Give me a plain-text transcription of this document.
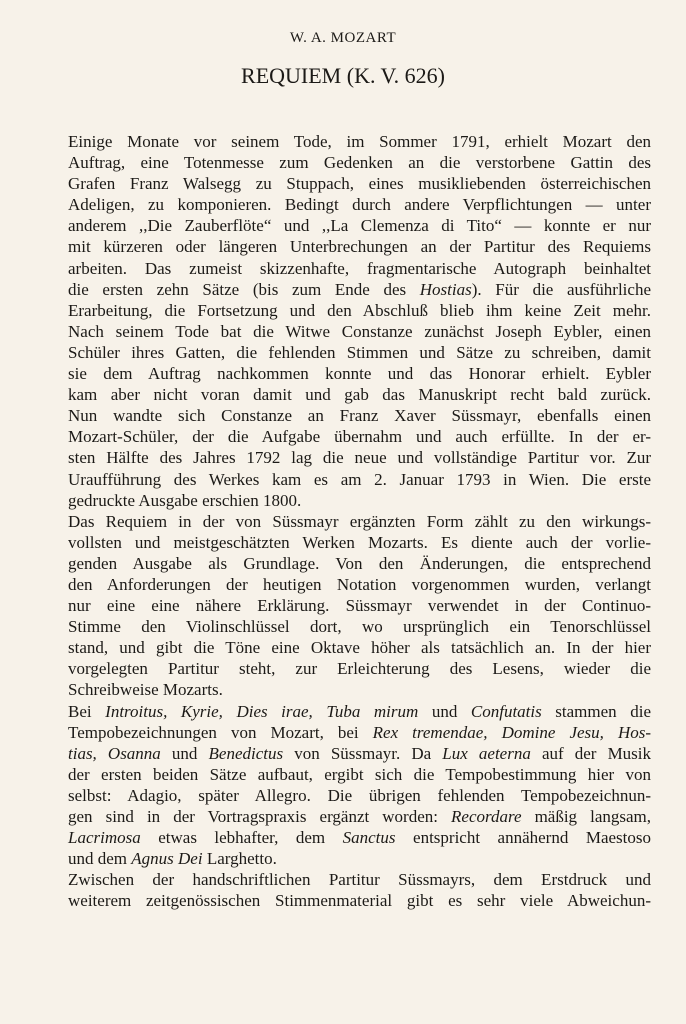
W. A. MOZART
REQUIEM (K. V. 626)
Einige Monate vor seinem Tode, im Sommer 1791, erhielt Mozart den
Auftrag, eine Totenmesse zum Gedenken an die verstorbene Gattin des
Grafen Franz Walsegg zu Stuppach, eines musikliebenden österreichischen
Adeligen, zu komponieren. Bedingt durch andere Verpflichtungen — unter
anderem ,,Die Zauberflöte“ und ,,La Clemenza di Tito“ — konnte er nur
mit kürzeren oder längeren Unterbrechungen an der Partitur des Requiems
arbeiten. Das zumeist skizzenhafte, fragmentarische Autograph beinhaltet
die ersten zehn Sätze (bis zum Ende des Hostias). Für die ausführliche
Erarbeitung, die Fortsetzung und den Abschluß blieb ihm keine Zeit mehr.
Nach seinem Tode bat die Witwe Constanze zunächst Joseph Eybler, einen
Schüler ihres Gatten, die fehlenden Stimmen und Sätze zu schreiben, damit
sie dem Auftrag nachkommen konnte und das Honorar erhielt. Eybler
kam aber nicht voran damit und gab das Manuskript recht bald zurück.
Nun wandte sich Constanze an Franz Xaver Süssmayr, ebenfalls einen
Mozart-Schüler, der die Aufgabe übernahm und auch erfüllte. In der er-
sten Hälfte des Jahres 1792 lag die neue und vollständige Partitur vor. Zur
Uraufführung des Werkes kam es am 2. Januar 1793 in Wien. Die erste
gedruckte Ausgabe erschien 1800.
Das Requiem in der von Süssmayr ergänzten Form zählt zu den wirkungs-
vollsten und meistgeschätzten Werken Mozarts. Es diente auch der vorlie-
genden Ausgabe als Grundlage. Von den Änderungen, die entsprechend
den Anforderungen der heutigen Notation vorgenommen wurden, verlangt
nur eine eine nähere Erklärung. Süssmayr verwendet in der Continuo-
Stimme den Violinschlüssel dort, wo ursprünglich ein Tenorschlüssel
stand, und gibt die Töne eine Oktave höher als tatsächlich an. In der hier
vorgelegten Partitur steht, zur Erleichterung des Lesens, wieder die
Schreibweise Mozarts.
Bei Introitus, Kyrie, Dies irae, Tuba mirum und Confutatis stammen die
Tempobezeichnungen von Mozart, bei Rex tremendae, Domine Jesu, Hos-
tias, Osanna und Benedictus von Süssmayr. Da Lux aeterna auf der Musik
der ersten beiden Sätze aufbaut, ergibt sich die Tempobestimmung hier von
selbst: Adagio, später Allegro. Die übrigen fehlenden Tempobezeichnun-
gen sind in der Vortragspraxis ergänzt worden: Recordare mäßig langsam,
Lacrimosa etwas lebhafter, dem Sanctus entspricht annähernd Maestoso
und dem Agnus Dei Larghetto.
Zwischen der handschriftlichen Partitur Süssmayrs, dem Erstdruck und
weiterem zeitgenössischen Stimmenmaterial gibt es sehr viele Abweichun-
